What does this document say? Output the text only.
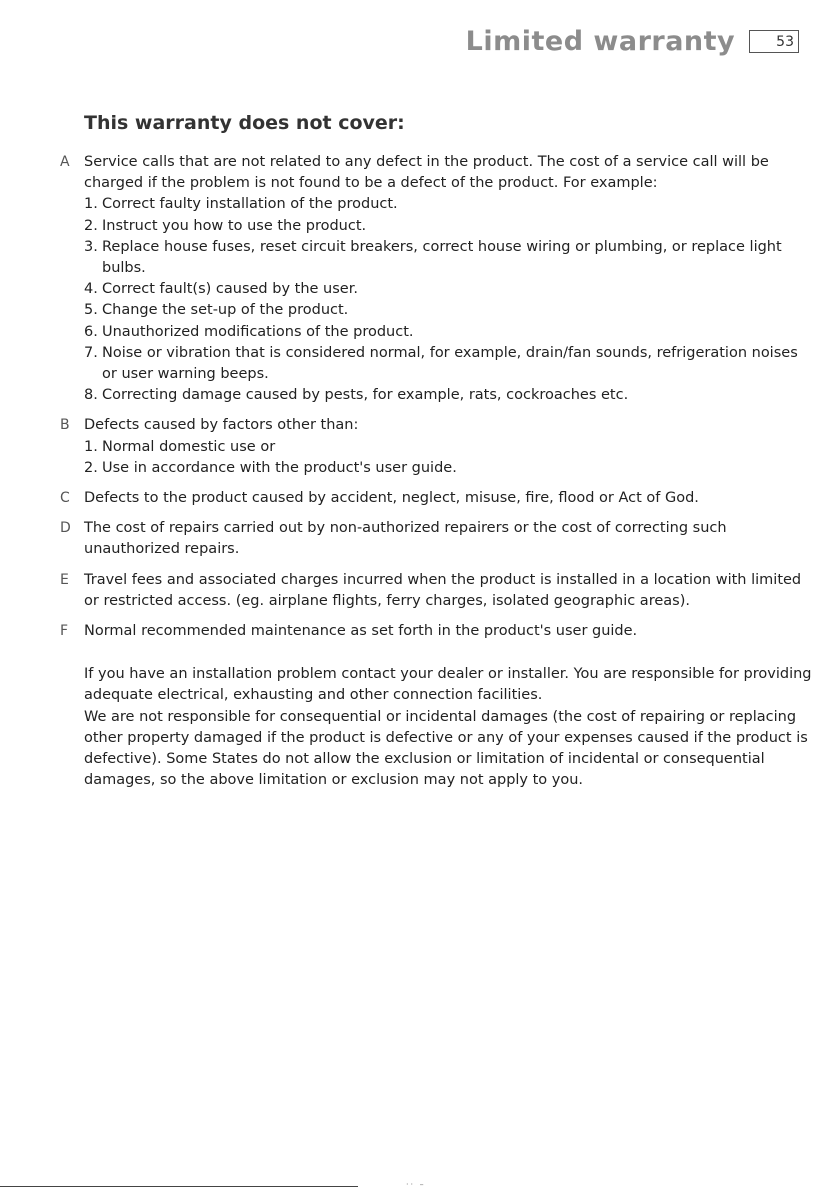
Limited warranty	53
This warranty does not cover:
A Service calls that are not related to any defect in the product. The cost of a service call will be charged if the problem is not found to be a defect of the product. For example:
1. Correct faulty installation of the product.
2. Instruct you how to use the product.
3. Replace house fuses, reset circuit breakers, correct house wiring or plumbing, or replace light bulbs.
4. Correct fault(s) caused by the user.
5. Change the set-up of the product.
6. Unauthorized modifications of the product.
7. Noise or vibration that is considered normal, for example, drain/fan sounds, refrigeration noises or user warning beeps.
8. Correcting damage caused by pests, for example, rats, cockroaches etc.
B Defects caused by factors other than:
1. Normal domestic use or
2. Use in accordance with the product's user guide.
C Defects to the product caused by accident, neglect, misuse, fire, flood or Act of God.
D The cost of repairs carried out by non-authorized repairers or the cost of correcting such unauthorized repairs.
E Travel fees and associated charges incurred when the product is installed in a location with limited or restricted access. (eg. airplane flights, ferry charges, isolated geographic areas).
F Normal recommended maintenance as set forth in the product's user guide.

If you have an installation problem contact your dealer or installer. You are responsible for providing adequate electrical, exhausting and other connection facilities.

We are not responsible for consequential or incidental damages (the cost of repairing or replacing other property damaged if the product is defective or any of your expenses caused if the product is defective). Some States do not allow the exclusion or limitation of incidental or consequential damages, so the above limitation or exclusion may not apply to you.

·· –
